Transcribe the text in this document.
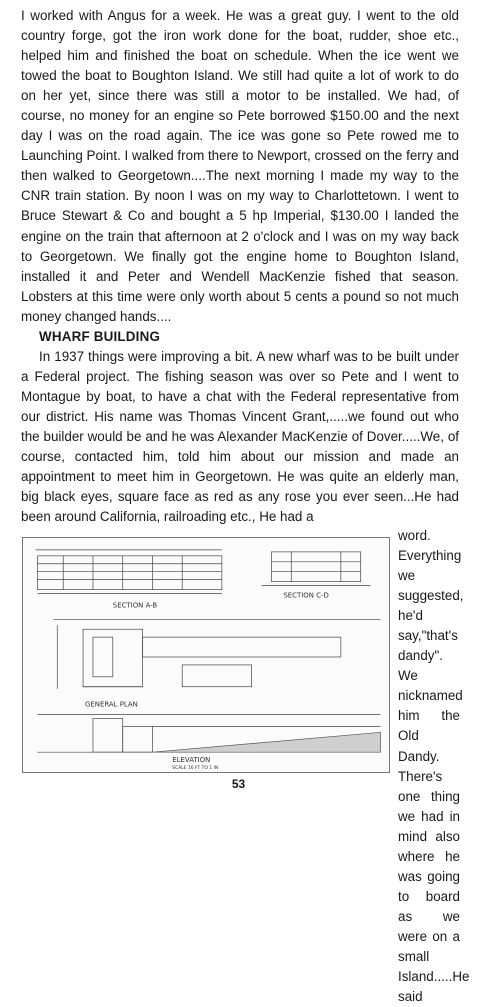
I worked with Angus for a week. He was a great guy. I went to the old country forge, got the iron work done for the boat, rudder, shoe etc., helped him and finished the boat on schedule. When the ice went we towed the boat to Boughton Island. We still had quite a lot of work to do on her yet, since there was still a motor to be installed. We had, of course, no money for an engine so Pete borrowed $150.00 and the next day I was on the road again. The ice was gone so Pete rowed me to Launching Point. I walked from there to Newport, crossed on the ferry and then walked to Georgetown....The next morning I made my way to the CNR train station. By noon I was on my way to Charlottetown. I went to Bruce Stewart & Co and bought a 5 hp Imperial, $130.00 I landed the engine on the train that afternoon at 2 o'clock and I was on my way back to Georgetown. We finally got the engine home to Boughton Island, installed it and Peter and Wendell MacKenzie fished that season. Lobsters at this time were only worth about 5 cents a pound so not much money changed hands....

WHARF BUILDING

In 1937 things were improving a bit. A new wharf was to be built under a Federal project. The fishing season was over so Pete and I went to Montague by boat, to have a chat with the Federal representative from our district. His name was Thomas Vincent Grant,.....we found out who the builder would be and he was Alexander MacKenzie of Dover.....We, of course, contacted him, told him about our mission and made an appointment to meet him in Georgetown. He was quite an elderly man, big black eyes, square face as red as any rose you ever seen...He had been around California, railroading etc., He had a

SECTION A-B
SECTION C-D
GENERAL PLAN
ELEVATION
SCALE 16 FT TO 1 IN

word. Everything we suggested, he'd say,"that's dandy". We nicknamed him the Old Dandy. There's one thing we had in mind also where he was going to board as we were on a small Island.....He said

53
